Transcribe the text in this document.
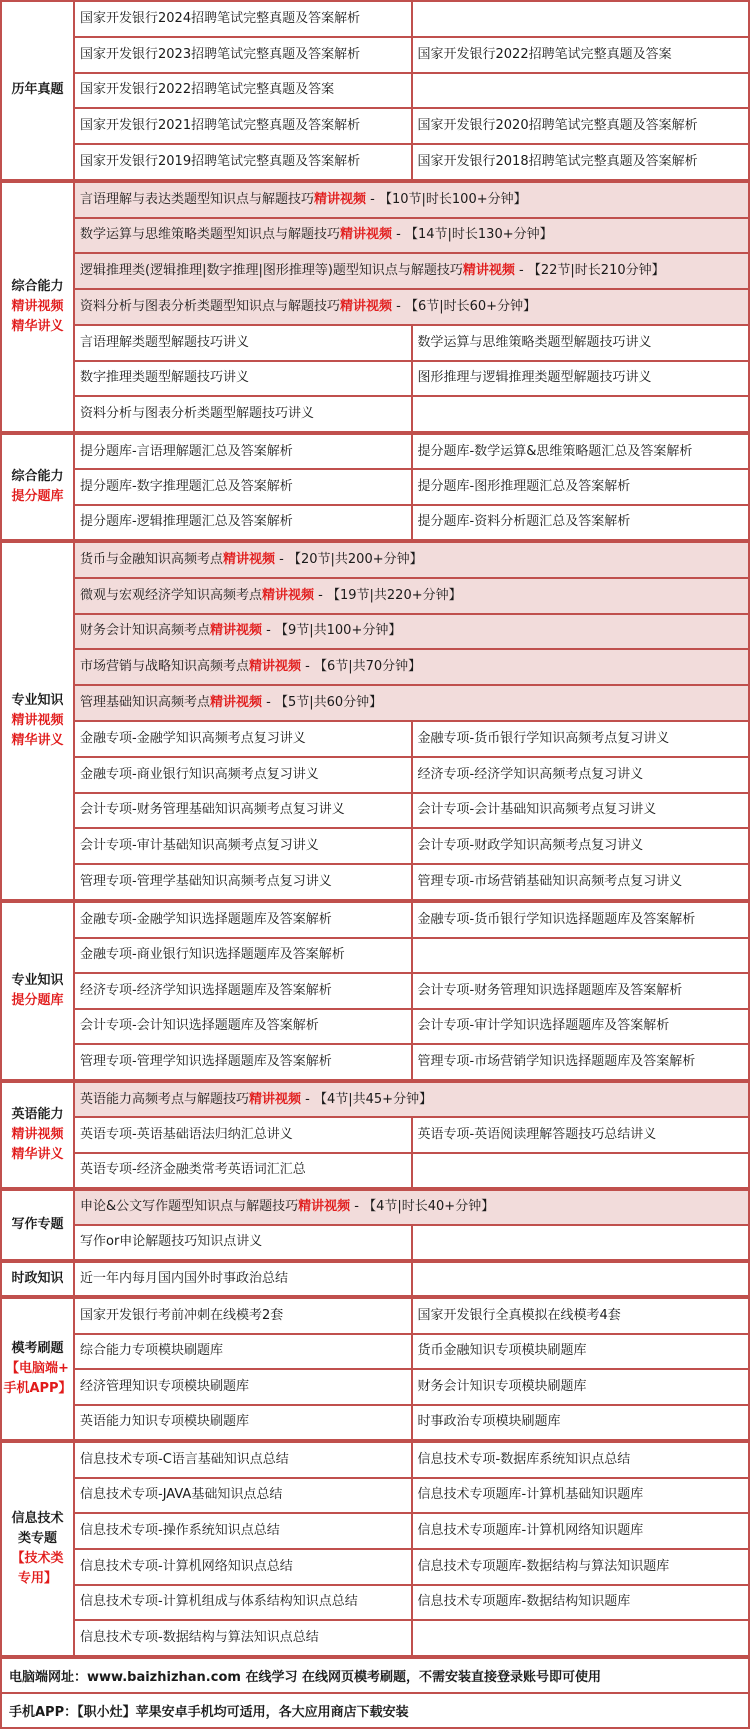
历年真题	国家开发银行2024招聘笔试完整真题及答案解析	
	国家开发银行2023招聘笔试完整真题及答案解析	国家开发银行2022招聘笔试完整真题及答案
	国家开发银行2022招聘笔试完整真题及答案	
	国家开发银行2021招聘笔试完整真题及答案解析	国家开发银行2020招聘笔试完整真题及答案解析
	国家开发银行2019招聘笔试完整真题及答案解析	国家开发银行2018招聘笔试完整真题及答案解析
综合能力
精讲视频
精华讲义	言语理解与表达类题型知识点与解题技巧精讲视频 - 【10节|时长100+分钟】	
	数学运算与思维策略类题型知识点与解题技巧精讲视频 - 【14节|时长130+分钟】	
	逻辑推理类(逻辑推理|数字推理|图形推理等)题型知识点与解题技巧精讲视频 - 【22节|时长210分钟】	
	资料分析与图表分析类题型知识点与解题技巧精讲视频 - 【6节|时长60+分钟】	
	言语理解类题型解题技巧讲义	数学运算与思维策略类题型解题技巧讲义
	数字推理类题型解题技巧讲义	图形推理与逻辑推理类题型解题技巧讲义
	资料分析与图表分析类题型解题技巧讲义	
综合能力
提分题库	提分题库-言语理解题汇总及答案解析	提分题库-数学运算&思维策略题汇总及答案解析
	提分题库-数字推理题汇总及答案解析	提分题库-图形推理题汇总及答案解析
	提分题库-逻辑推理题汇总及答案解析	提分题库-资料分析题汇总及答案解析
专业知识
精讲视频
精华讲义	货币与金融知识高频考点精讲视频 - 【20节|共200+分钟】	
	微观与宏观经济学知识高频考点精讲视频 - 【19节|共220+分钟】	
	财务会计知识高频考点精讲视频 - 【9节|共100+分钟】	
	市场营销与战略知识高频考点精讲视频 - 【6节|共70分钟】	
	管理基础知识高频考点精讲视频 - 【5节|共60分钟】	
	金融专项-金融学知识高频考点复习讲义	金融专项-货币银行学知识高频考点复习讲义
	金融专项-商业银行知识高频考点复习讲义	经济专项-经济学知识高频考点复习讲义
	会计专项-财务管理基础知识高频考点复习讲义	会计专项-会计基础知识高频考点复习讲义
	会计专项-审计基础知识高频考点复习讲义	会计专项-财政学知识高频考点复习讲义
	管理专项-管理学基础知识高频考点复习讲义	管理专项-市场营销基础知识高频考点复习讲义
专业知识
提分题库	金融专项-金融学知识选择题题库及答案解析	金融专项-货币银行学知识选择题题库及答案解析
	金融专项-商业银行知识选择题题库及答案解析	
	经济专项-经济学知识选择题题库及答案解析	会计专项-财务管理知识选择题题库及答案解析
	会计专项-会计知识选择题题库及答案解析	会计专项-审计学知识选择题题库及答案解析
	管理专项-管理学知识选择题题库及答案解析	管理专项-市场营销学知识选择题题库及答案解析
英语能力
精讲视频
精华讲义	英语能力高频考点与解题技巧精讲视频 - 【4节|共45+分钟】	
	英语专项-英语基础语法归纳汇总讲义	英语专项-英语阅读理解答题技巧总结讲义
	英语专项-经济金融类常考英语词汇汇总	
写作专题	申论&公文写作题型知识点与解题技巧精讲视频 - 【4节|时长40+分钟】	
	写作or申论解题技巧知识点讲义	
时政知识	近一年内每月国内国外时事政治总结	
模考刷题
【电脑端+
手机APP】	国家开发银行考前冲刺在线模考2套	国家开发银行全真模拟在线模考4套
	综合能力专项模块刷题库	货币金融知识专项模块刷题库
	经济管理知识专项模块刷题库	财务会计知识专项模块刷题库
	英语能力知识专项模块刷题库	时事政治专项模块刷题库
信息技术
类专题
【技术类
专用】	信息技术专项-C语言基础知识点总结	信息技术专项-数据库系统知识点总结
	信息技术专项-JAVA基础知识点总结	信息技术专项题库-计算机基础知识题库
	信息技术专项-操作系统知识点总结	信息技术专项题库-计算机网络知识题库
	信息技术专项-计算机网络知识点总结	信息技术专项题库-数据结构与算法知识题库
	信息技术专项-计算机组成与体系结构知识点总结	信息技术专项题库-数据结构知识题库
	信息技术专项-数据结构与算法知识点总结	
电脑端网址：www.baizhizhan.com 在线学习 在线网页模考刷题，不需安装直接登录账号即可使用
手机APP：【职小灶】苹果安卓手机均可适用，各大应用商店下载安装
